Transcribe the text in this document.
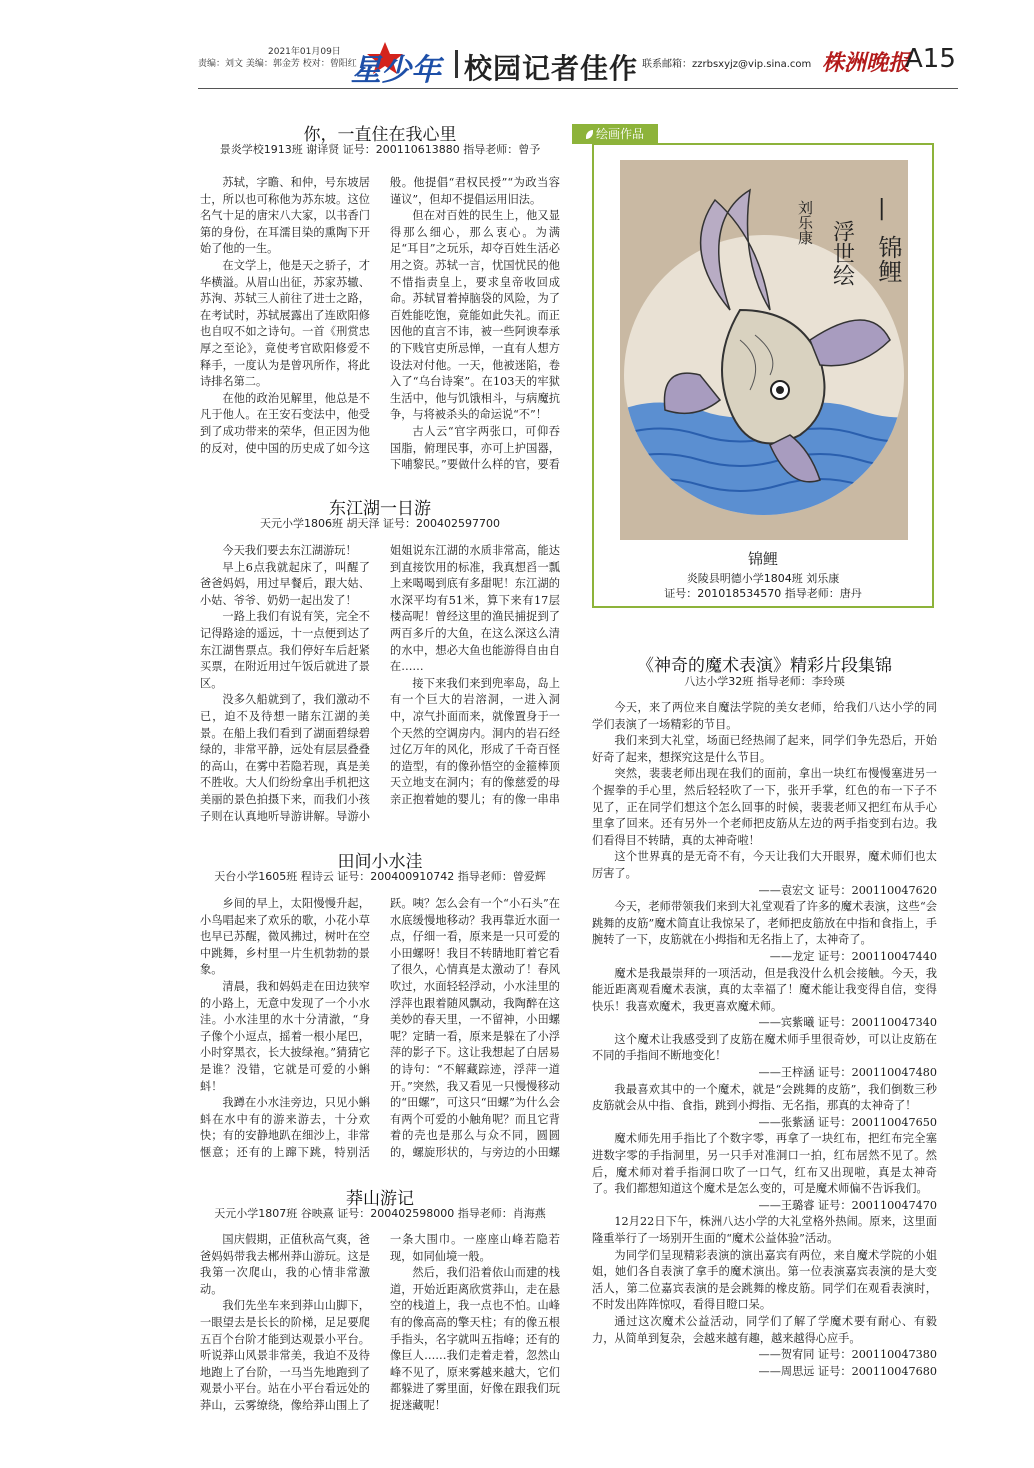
2021年01月09日
责编：刘文 美编：郭金芳 校对：曾阳红
星少年 校园记者佳作 联系邮箱：zzrbsxyjz@vip.sina.com 株洲晚报
A15
你，一直住在我心里
景炎学校1913班 谢译贤 证号：200110613880 指导老师：曾予

苏轼，字瞻、和仲，号东坡居士，所以也可称他为苏东坡。这位名气十足的唐宋八大家，以书香门第的身份，在耳濡目染的熏陶下开始了他的一生。

在文学上，他是天之骄子，才华横溢。从眉山出征，苏家苏辙、苏洵、苏轼三人前往了进士之路，在考试时，苏轼展露出了连欧阳修也自叹不如之诗句。一首《刑赏忠厚之至论》，竟使考官欧阳修爱不释手，一度认为是曾巩所作，将此诗排名第二。

在他的政治见解里，他总是不凡于他人。在王安石变法中，他受到了成功带来的荣华，但正因为他的反对，使中国的历史成了如今这般。他提倡“君权民授”“为政当容谨议”，但却不提倡运用旧法。

但在对百姓的民生上，他又显得那么细心，那么衷心。为满足“耳目”之玩乐，却夺百姓生活必用之资。苏轼一言，忧国忧民的他不惜指责皇上，要求皇帝收回成命。苏轼冒着掉脑袋的风险，为了百姓能吃饱，竟能如此失礼。而正因他的直言不讳，被一些阿谀奉承的下贱官吏所忌惮，一直有人想方设法对付他。一天，他被迷陷，卷入了“乌台诗案”。在103天的牢狱生活中，他与饥饿相斗，与病魔抗争，与将被杀头的命运说“不”！

古人云“官字两张口，可仰吞国脂，俯理民事，亦可上护国器，下哺黎民。”要做什么样的官，要看

东江湖一日游
天元小学1806班 胡天泽 证号：200402597700

今天我们要去东江湖游玩！

早上6点我就起床了，叫醒了爸爸妈妈，用过早餐后，跟大姑、小姑、爷爷、奶奶一起出发了！

一路上我们有说有笑，完全不记得路途的遥远，十一点便到达了东江湖售票点。我们停好车后赶紧买票，在附近用过午饭后就进了景区。

没多久船就到了，我们激动不已，迫不及待想一睹东江湖的美景。在船上我们看到了湖面碧绿碧绿的，非常平静，远处有层层叠叠的高山，在雾中若隐若现，真是美不胜收。大人们纷纷拿出手机把这美丽的景色拍摄下来，而我们小孩子则在认真地听导游讲解。导游小姐姐说东江湖的水质非常高，能达到直接饮用的标准，我真想舀一瓢上来喝喝到底有多甜呢！东江湖的水深平均有51米，算下来有17层楼高呢！曾经这里的渔民捕捉到了两百多斤的大鱼，在这么深这么清的水中，想必大鱼也能游得自由自在……

接下来我们来到兜率岛，岛上有一个巨大的岩溶洞，一进入洞中，凉气扑面而来，就像置身于一个天然的空调房内。洞内的岩石经过亿万年的风化，形成了千奇百怪的造型，有的像孙悟空的金箍棒顶天立地支在洞内；有的像慈爱的母亲正抱着她的婴儿；有的像一串串

田间小水洼
天台小学1605班 程诗云 证号：200400910742 指导老师：曾爱辉

乡间的早上，太阳慢慢升起，小鸟唱起来了欢乐的歌，小花小草也早已苏醒，微风拂过，树叶在空中跳舞，乡村里一片生机勃勃的景象。

清晨，我和妈妈走在田边狭窄的小路上，无意中发现了一个小水洼。小水洼里的水十分清澈，“身子像个小逗点，摇着一根小尾巴，小时穿黑衣，长大披绿袍。”猜猜它是谁？没错，它就是可爱的小蝌蚪！

我蹲在小水洼旁边，只见小蝌蚪在水中有的游来游去，十分欢快；有的安静地趴在细沙上，非常惬意；还有的上蹿下跳，特别活跃。咦？怎么会有一个“小石头”在水底缓慢地移动？我再靠近水面一点，仔细一看，原来是一只可爱的小田螺呀！我目不转睛地盯着它看了很久，心情真是太激动了！春风吹过，水面轻轻浮动，小水洼里的浮萍也跟着随风飘动，我陶醉在这美妙的春天里，一不留神，小田螺呢？定睛一看，原来是躲在了小浮萍的影子下。这让我想起了白居易的诗句：“不解藏踪迹，浮萍一道开。”突然，我又看见一只慢慢移动的“田螺”，可这只“田螺”为什么会有两个可爱的小触角呢？而且它背着的壳也是那么与众不同，圆圆的，螺旋形状的，与旁边的小田螺

莽山游记
天元小学1807班 谷映熹 证号：200402598000 指导老师：肖海燕

国庆假期，正值秋高气爽，爸爸妈妈带我去郴州莽山游玩。这是我第一次爬山，我的心情非常激动。

我们先坐车来到莽山山脚下，一眼望去是长长的阶梯，足足要爬五百个台阶才能到达观景小平台。听说莽山风景非常美，我迫不及待地跑上了台阶，一马当先地跑到了观景小平台。站在小平台看远处的莽山，云雾缭绕，像给莽山围上了一条大围巾。一座座山峰若隐若现，如同仙境一般。

然后，我们沿着依山而建的栈道，开始近距离欣赏莽山，走在悬空的栈道上，我一点也不怕。山峰有的像高高的擎天柱；有的像五根手指头，名字就叫五指峰；还有的像巨人……我们走着走着，忽然山峰不见了，原来雾越来越大，它们都躲进了雾里面，好像在跟我们玩捉迷藏呢！

绘画作品
浮世绘
刘乐康	|
锦鲤
锦鲤
炎陵县明德小学1804班 刘乐康
证号：201018534570 指导老师：唐丹
《神奇的魔术表演》精彩片段集锦
八达小学32班 指导老师：李玲瑛

今天，来了两位来自魔法学院的美女老师，给我们八达小学的同学们表演了一场精彩的节目。

我们来到大礼堂，场面已经热闹了起来，同学们争先恐后，开始好奇了起来，想探究这是什么节目。

突然，裴裴老师出现在我们的面前，拿出一块红布慢慢塞进另一个握拳的手心里，然后轻轻吹了一下，张开手掌，红色的布一下子不见了，正在同学们想这个怎么回事的时候，裴裴老师又把红布从手心里拿了回来。还有另外一个老师把皮筋从左边的两手指变到右边。我们看得目不转睛，真的太神奇啦！

这个世界真的是无奇不有，今天让我们大开眼界，魔术师们也太厉害了。

——袁宏文 证号：200110047620

今天，老师带领我们来到大礼堂观看了许多的魔术表演，这些“会跳舞的皮筋”魔术简直让我惊呆了，老师把皮筋放在中指和食指上，手腕转了一下，皮筋就在小拇指和无名指上了，太神奇了。

——龙定 证号：200110047440

魔术是我最崇拜的一项活动，但是我没什么机会接触。今天，我能近距离观看魔术表演，真的太幸福了！魔术能让我变得自信，变得快乐！我喜欢魔术，我更喜欢魔术师。

——宾紫曦 证号：200110047340

这个魔术让我感受到了皮筋在魔术师手里很奇妙，可以让皮筋在不同的手指间不断地变化！

——王梓涵 证号：200110047480

我最喜欢其中的一个魔术，就是“会跳舞的皮筋”，我们倒数三秒皮筋就会从中指、食指，跳到小拇指、无名指，那真的太神奇了！

——张紫涵 证号：200110047650

魔术师先用手指比了个数字零，再拿了一块红布，把红布完全塞进数字零的手指洞里，另一只手对准洞口一拍，红布居然不见了。然后，魔术师对着手指洞口吹了一口气，红布又出现啦，真是太神奇了。我们都想知道这个魔术是怎么变的，可是魔术师偏不告诉我们。

——王璐睿 证号：200110047470

12月22日下午，株洲八达小学的大礼堂格外热闹。原来，这里面隆重举行了一场别开生面的“魔术公益体验”活动。

为同学们呈现精彩表演的演出嘉宾有两位，来自魔术学院的小姐姐，她们各自表演了拿手的魔术演出。第一位表演嘉宾表演的是大变活人，第二位嘉宾表演的是会跳舞的橡皮筋。同学们在观看表演时，不时发出阵阵惊叹，看得目瞪口呆。

通过这次魔术公益活动，同学们了解了学魔术要有耐心、有毅力，从简单到复杂，会越来越有趣，越来越得心应手。

——贺宥同 证号：200110047380
——周思远 证号：200110047680
